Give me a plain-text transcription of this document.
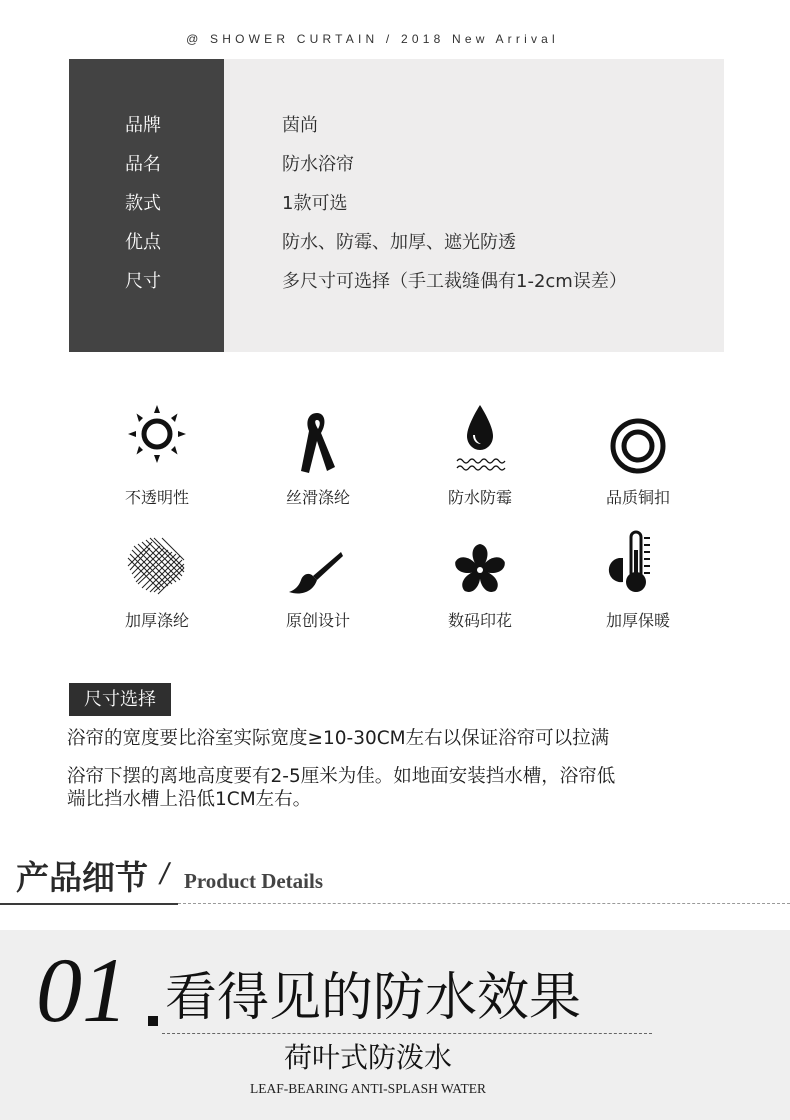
@ SHOWER CURTAIN / 2018 New Arrival
品牌	茵尚
品名	防水浴帘
款式	1款可选
优点	防水、防霉、加厚、遮光防透
尺寸	多尺寸可选择（手工裁缝偶有1-2cm误差）
不透明性	丝滑涤纶	防水防霉	品质铜扣
加厚涤纶	原创设计	数码印花	加厚保暖
尺寸选择
浴帘的宽度要比浴室实际宽度≥10-30CM左右以保证浴帘可以拉满
浴帘下摆的离地高度要有2-5厘米为佳。如地面安装挡水槽，浴帘低
端比挡水槽上沿低1CM左右。
产品细节 / Product Details
01 看得见的防水效果
荷叶式防泼水
LEAF-BEARING ANTI-SPLASH WATER
